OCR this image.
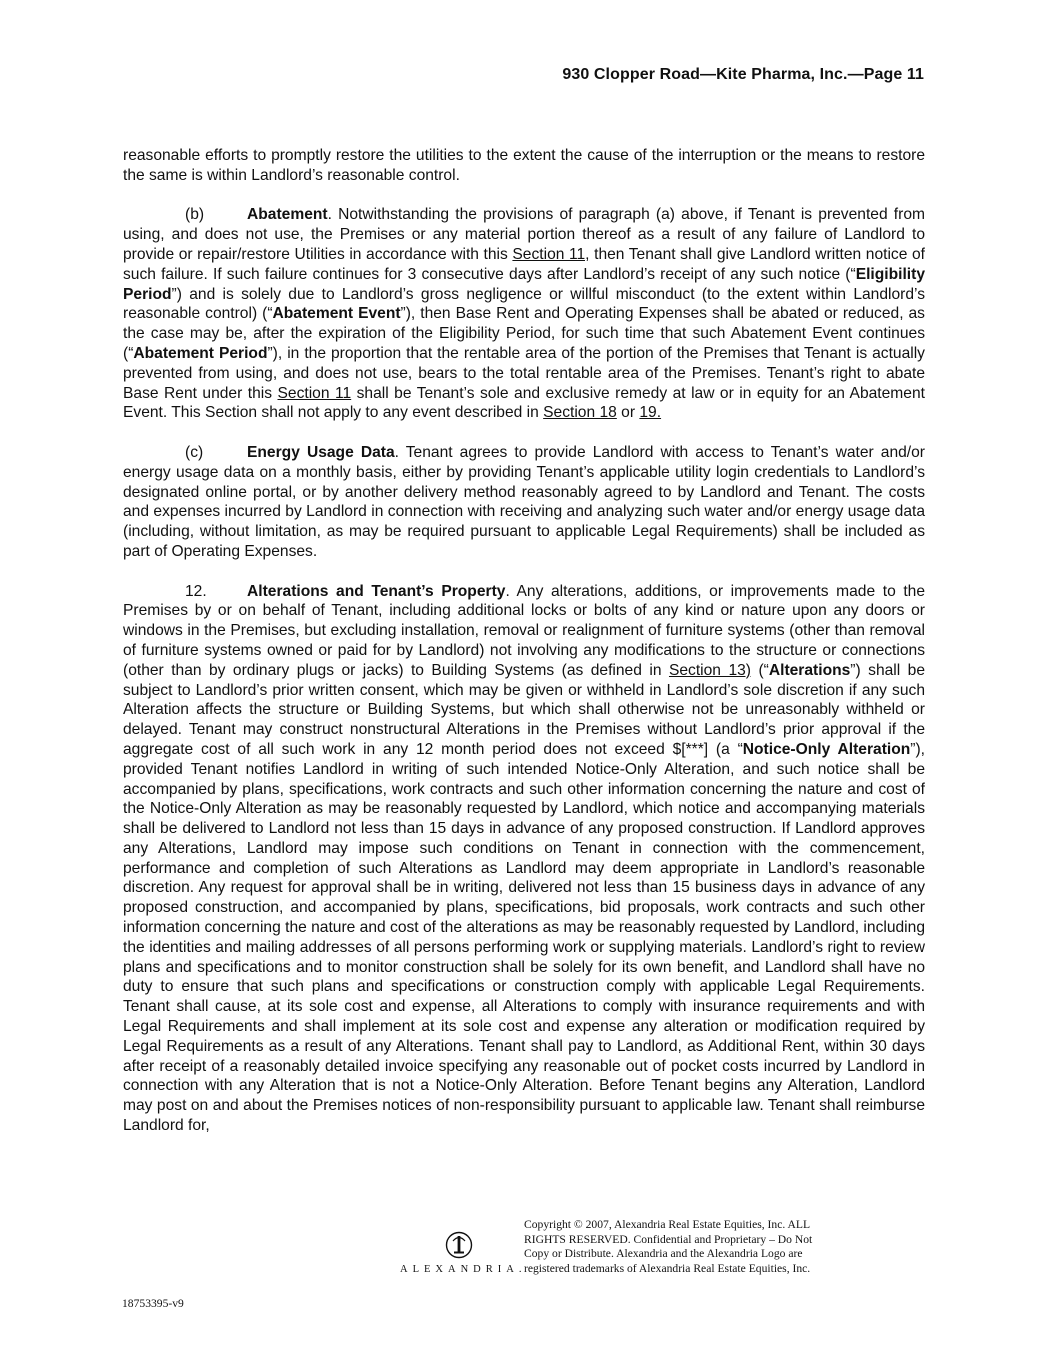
930 Clopper Road—Kite Pharma, Inc.—Page 11

reasonable efforts to promptly restore the utilities to the extent the cause of the interruption or the means to restore the same is within Landlord’s reasonable control.

(b)	Abatement. Notwithstanding the provisions of paragraph (a) above, if Tenant is prevented from using, and does not use, the Premises or any material portion thereof as a result of any failure of Landlord to provide or repair/restore Utilities in accordance with this Section 11, then Tenant shall give Landlord written notice of such failure. If such failure continues for 3 consecutive days after Landlord’s receipt of any such notice (“Eligibility Period”) and is solely due to Landlord’s gross negligence or willful misconduct (to the extent within Landlord’s reasonable control) (“Abatement Event”), then Base Rent and Operating Expenses shall be abated or reduced, as the case may be, after the expiration of the Eligibility Period, for such time that such Abatement Event continues (“Abatement Period”), in the proportion that the rentable area of the portion of the Premises that Tenant is actually prevented from using, and does not use, bears to the total rentable area of the Premises. Tenant’s right to abate Base Rent under this Section 11 shall be Tenant’s sole and exclusive remedy at law or in equity for an Abatement Event. This Section shall not apply to any event described in Section 18 or 19.

(c)	Energy Usage Data. Tenant agrees to provide Landlord with access to Tenant’s water and/or energy usage data on a monthly basis, either by providing Tenant’s applicable utility login credentials to Landlord’s designated online portal, or by another delivery method reasonably agreed to by Landlord and Tenant. The costs and expenses incurred by Landlord in connection with receiving and analyzing such water and/or energy usage data (including, without limitation, as may be required pursuant to applicable Legal Requirements) shall be included as part of Operating Expenses.

12.	Alterations and Tenant’s Property. Any alterations, additions, or improvements made to the Premises by or on behalf of Tenant, including additional locks or bolts of any kind or nature upon any doors or windows in the Premises, but excluding installation, removal or realignment of furniture systems (other than removal of furniture systems owned or paid for by Landlord) not involving any modifications to the structure or connections (other than by ordinary plugs or jacks) to Building Systems (as defined in Section 13) (“Alterations”) shall be subject to Landlord’s prior written consent, which may be given or withheld in Landlord’s sole discretion if any such Alteration affects the structure or Building Systems, but which shall otherwise not be unreasonably withheld or delayed. Tenant may construct nonstructural Alterations in the Premises without Landlord’s prior approval if the aggregate cost of all such work in any 12 month period does not exceed $[***] (a “Notice-Only Alteration”), provided Tenant notifies Landlord in writing of such intended Notice-Only Alteration, and such notice shall be accompanied by plans, specifications, work contracts and such other information concerning the nature and cost of the Notice-Only Alteration as may be reasonably requested by Landlord, which notice and accompanying materials shall be delivered to Landlord not less than 15 days in advance of any proposed construction. If Landlord approves any Alterations, Landlord may impose such conditions on Tenant in connection with the commencement, performance and completion of such Alterations as Landlord may deem appropriate in Landlord’s reasonable discretion. Any request for approval shall be in writing, delivered not less than 15 business days in advance of any proposed construction, and accompanied by plans, specifications, bid proposals, work contracts and such other information concerning the nature and cost of the alterations as may be reasonably requested by Landlord, including the identities and mailing addresses of all persons performing work or supplying materials. Landlord’s right to review plans and specifications and to monitor construction shall be solely for its own benefit, and Landlord shall have no duty to ensure that such plans and specifications or construction comply with applicable Legal Requirements. Tenant shall cause, at its sole cost and expense, all Alterations to comply with insurance requirements and with Legal Requirements and shall implement at its sole cost and expense any alteration or modification required by Legal Requirements as a result of any Alterations. Tenant shall pay to Landlord, as Additional Rent, within 30 days after receipt of a reasonably detailed invoice specifying any reasonable out of pocket costs incurred by Landlord in connection with any Alteration that is not a Notice-Only Alteration. Before Tenant begins any Alteration, Landlord may post on and about the Premises notices of non-responsibility pursuant to applicable law. Tenant shall reimburse Landlord for,

ALEXANDRIA.
Copyright © 2007, Alexandria Real Estate Equities, Inc. ALL
RIGHTS RESERVED. Confidential and Proprietary – Do Not
Copy or Distribute. Alexandria and the Alexandria Logo are
registered trademarks of Alexandria Real Estate Equities, Inc.
18753395-v9
